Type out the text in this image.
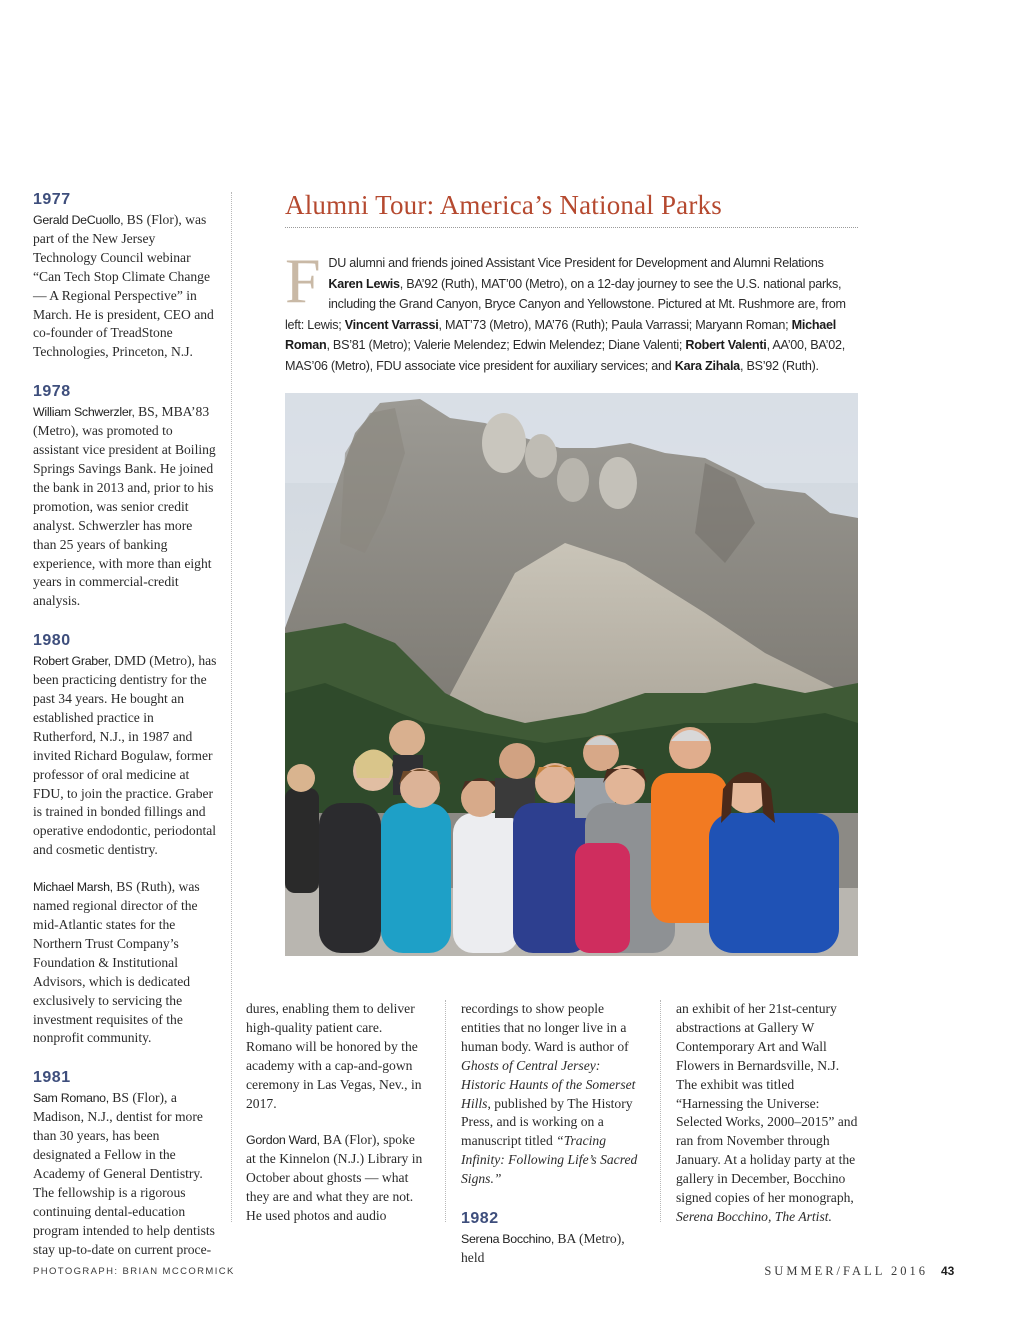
1977

Gerald DeCuollo, BS (Flor), was part of the New Jersey Technology Council webinar “Can Tech Stop Climate Change — A Regional Perspective” in March. He is president, CEO and co-founder of TreadStone Technologies, Princeton, N.J.

1978

William Schwerzler, BS, MBA’83 (Metro), was promoted to assistant vice president at Boiling Springs Savings Bank. He joined the bank in 2013 and, prior to his promotion, was senior credit analyst. Schwerzler has more than 25 years of banking experience, with more than eight years in commercial-credit analysis.

1980

Robert Graber, DMD (Metro), has been practicing dentistry for the past 34 years. He bought an established practice in Rutherford, N.J., in 1987 and invited Richard Bogulaw, former professor of oral medicine at FDU, to join the practice. Graber is trained in bonded fillings and operative endodontic, periodontal and cosmetic dentistry.

Michael Marsh, BS (Ruth), was named regional director of the mid-Atlantic states for the Northern Trust Company’s Foundation & Institutional Advisors, which is dedicated exclusively to servicing the investment requisites of the nonprofit community.

1981

Sam Romano, BS (Flor), a Madison, N.J., dentist for more than 30 years, has been designated a Fellow in the Academy of General Dentistry. The fellowship is a rigorous continuing dental-education program intended to help dentists stay up-to-date on current proce-

Alumni Tour: America’s National Parks

FDU alumni and friends joined Assistant Vice President for Development and Alumni Relations Karen Lewis, BA’92 (Ruth), MAT’00 (Metro), on a 12-day journey to see the U.S. national parks, including the Grand Canyon, Bryce Canyon and Yellowstone. Pictured at Mt. Rushmore are, from left: Lewis; Vincent Varrassi, MAT’73 (Metro), MA’76 (Ruth); Paula Varrassi; Maryann Roman; Michael Roman, BS’81 (Metro); Valerie Melendez; Edwin Melendez; Diane Valenti; Robert Valenti, AA’00, BA’02, MAS’06 (Metro), FDU associate vice president for auxiliary services; and Kara Zihala, BS’92 (Ruth).

dures, enabling them to deliver high-quality patient care. Romano will be honored by the academy with a cap-and-gown ceremony in Las Vegas, Nev., in 2017.

Gordon Ward, BA (Flor), spoke at the Kinnelon (N.J.) Library in October about ghosts — what they are and what they are not. He used photos and audio

recordings to show people entities that no longer live in a human body. Ward is author of Ghosts of Central Jersey: Historic Haunts of the Somerset Hills, published by The History Press, and is working on a manuscript titled “Tracing Infinity: Following Life’s Sacred Signs.”

1982

Serena Bocchino, BA (Metro), held

an exhibit of her 21st-century abstractions at Gallery W Contemporary Art and Wall Flowers in Bernardsville, N.J. The exhibit was titled “Harnessing the Universe: Selected Works, 2000–2015” and ran from November through January. At a holiday party at the gallery in December, Bocchino signed copies of her monograph, Serena Bocchino, The Artist.

PHOTOGRAPH: BRIAN MCCORMICK	SUMMER/FALL 2016 43
